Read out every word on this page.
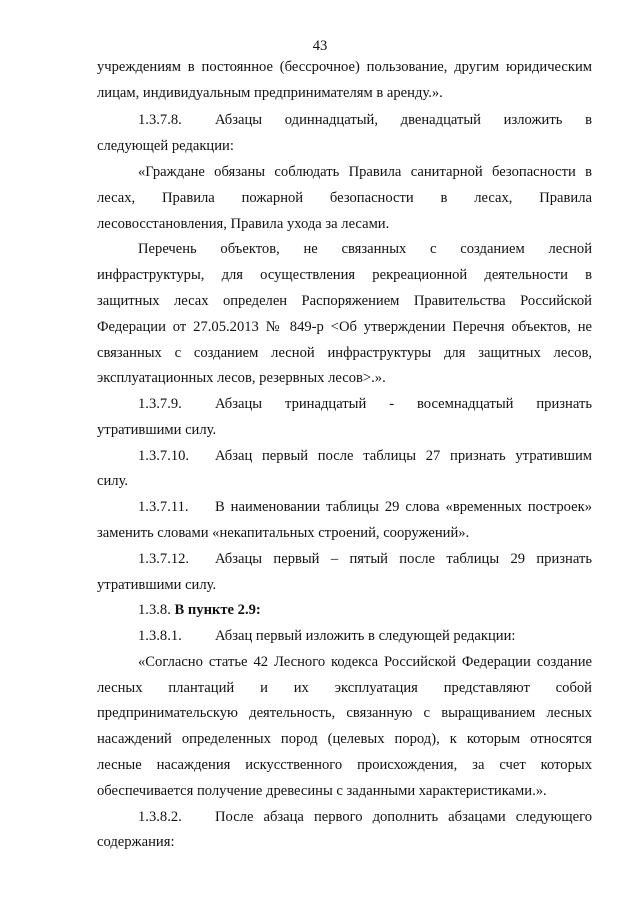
43
учреждениям в постоянное (бессрочное) пользование, другим юридическим
лицам, индивидуальным предпринимателям в аренду.».
1.3.7.8.	Абзацы одиннадцатый, двенадцатый изложить в
следующей редакции:
«Граждане обязаны соблюдать Правила санитарной безопасности в
лесах, Правила пожарной безопасности в лесах, Правила
лесовосстановления, Правила ухода за лесами.
Перечень объектов, не связанных с созданием лесной
инфраструктуры, для осуществления рекреационной деятельности в
защитных лесах определен Распоряжением Правительства Российской
Федерации от 27.05.2013 № 849-р <Об утверждении Перечня объектов, не
связанных с созданием лесной инфраструктуры для защитных лесов,
эксплуатационных лесов, резервных лесов>.».
1.3.7.9.	Абзацы тринадцатый - восемнадцатый признать
утратившими силу.
1.3.7.10.	Абзац первый после таблицы 27 признать утратившим
силу.
1.3.7.11.	В наименовании таблицы 29 слова «временных построек»
заменить словами «некапитальных строений, сооружений».
1.3.7.12.	Абзацы первый – пятый после таблицы 29 признать
утратившими силу.
1.3.8. В пункте 2.9:
1.3.8.1.	Абзац первый изложить в следующей редакции:
«Согласно статье 42 Лесного кодекса Российской Федерации создание
лесных плантаций и их эксплуатация представляют собой
предпринимательскую деятельность, связанную с выращиванием лесных
насаждений определенных пород (целевых пород), к которым относятся
лесные насаждения искусственного происхождения, за счет которых
обеспечивается получение древесины с заданными характеристиками.».
1.3.8.2.	После абзаца первого дополнить абзацами следующего
содержания:
